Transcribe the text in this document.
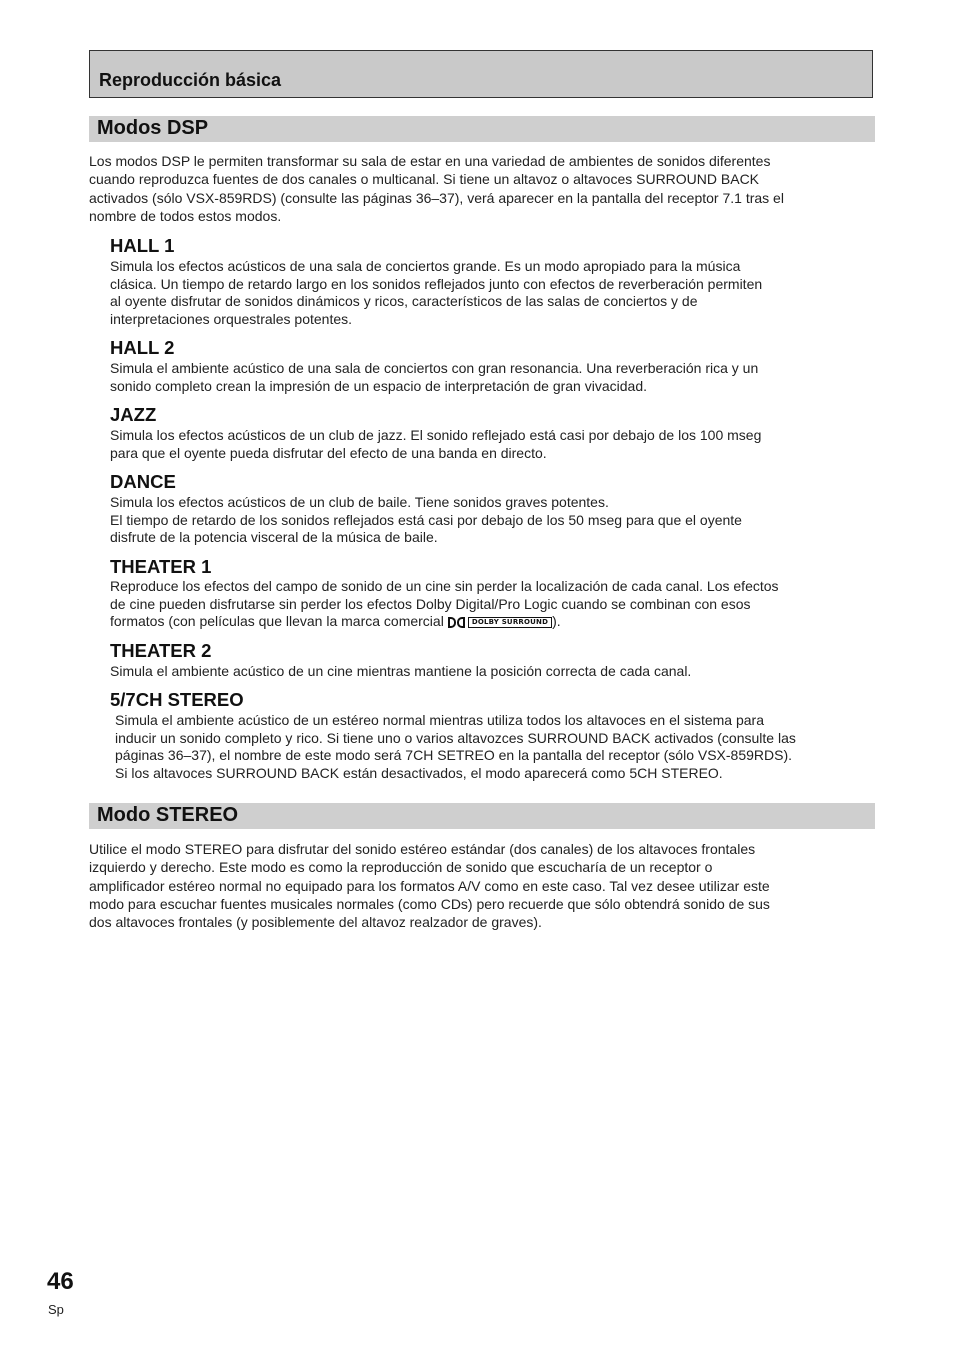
Reproducción básica
Modos DSP

Los modos DSP le permiten transformar su sala de estar en una variedad de ambientes de sonidos diferentes
cuando reproduzca fuentes de dos canales o multicanal. Si tiene un altavoz o altavoces SURROUND BACK
activados (sólo VSX-859RDS) (consulte las páginas 36–37), verá aparecer en la pantalla del receptor 7.1 tras el
nombre de todos estos modos.

HALL 1

Simula los efectos acústicos de una sala de conciertos grande. Es un modo apropiado para la música
clásica. Un tiempo de retardo largo en los sonidos reflejados junto con efectos de reverberación permiten
al oyente disfrutar de sonidos dinámicos y ricos, característicos de las salas de conciertos y de
interpretaciones orquestrales potentes.

HALL 2

Simula el ambiente acústico de una sala de conciertos con gran resonancia. Una reverberación rica y un
sonido completo crean la impresión de un espacio de interpretación de gran vivacidad.

JAZZ

Simula los efectos acústicos de un club de jazz. El sonido reflejado está casi por debajo de los 100 mseg
para que el oyente pueda disfrutar del efecto de una banda en directo.

DANCE

Simula los efectos acústicos de un club de baile. Tiene sonidos graves potentes.
El tiempo de retardo de los sonidos reflejados está casi por debajo de los 50 mseg para que el oyente
disfrute de la potencia visceral de la música de baile.

THEATER 1

Reproduce los efectos del campo de sonido de un cine sin perder la localización de cada canal. Los efectos
de cine pueden disfrutarse sin perder los efectos Dolby Digital/Pro Logic cuando se combinan con esos
formatos (con películas que llevan la marca comercial	DOLBY SURROUND ).

THEATER 2

Simula el ambiente acústico de un cine mientras mantiene la posición correcta de cada canal.

5/7CH STEREO

Simula el ambiente acústico de un estéreo normal mientras utiliza todos los altavoces en el sistema para
inducir un sonido completo y rico. Si tiene uno o varios altavozces SURROUND BACK activados (consulte las
páginas 36–37), el nombre de este modo será 7CH SETREO en la pantalla del receptor (sólo VSX-859RDS).
Si los altavoces SURROUND BACK están desactivados, el modo aparecerá como 5CH STEREO.

Modo STEREO

Utilice el modo STEREO para disfrutar del sonido estéreo estándar (dos canales) de los altavoces frontales
izquierdo y derecho. Este modo es como la reproducción de sonido que escucharía de un receptor o
amplificador estéreo normal no equipado para los formatos A/V como en este caso. Tal vez desee utilizar este
modo para escuchar fuentes musicales normales (como CDs) pero recuerde que sólo obtendrá sonido de sus
dos altavoces frontales (y posiblemente del altavoz realzador de graves).

46
Sp
